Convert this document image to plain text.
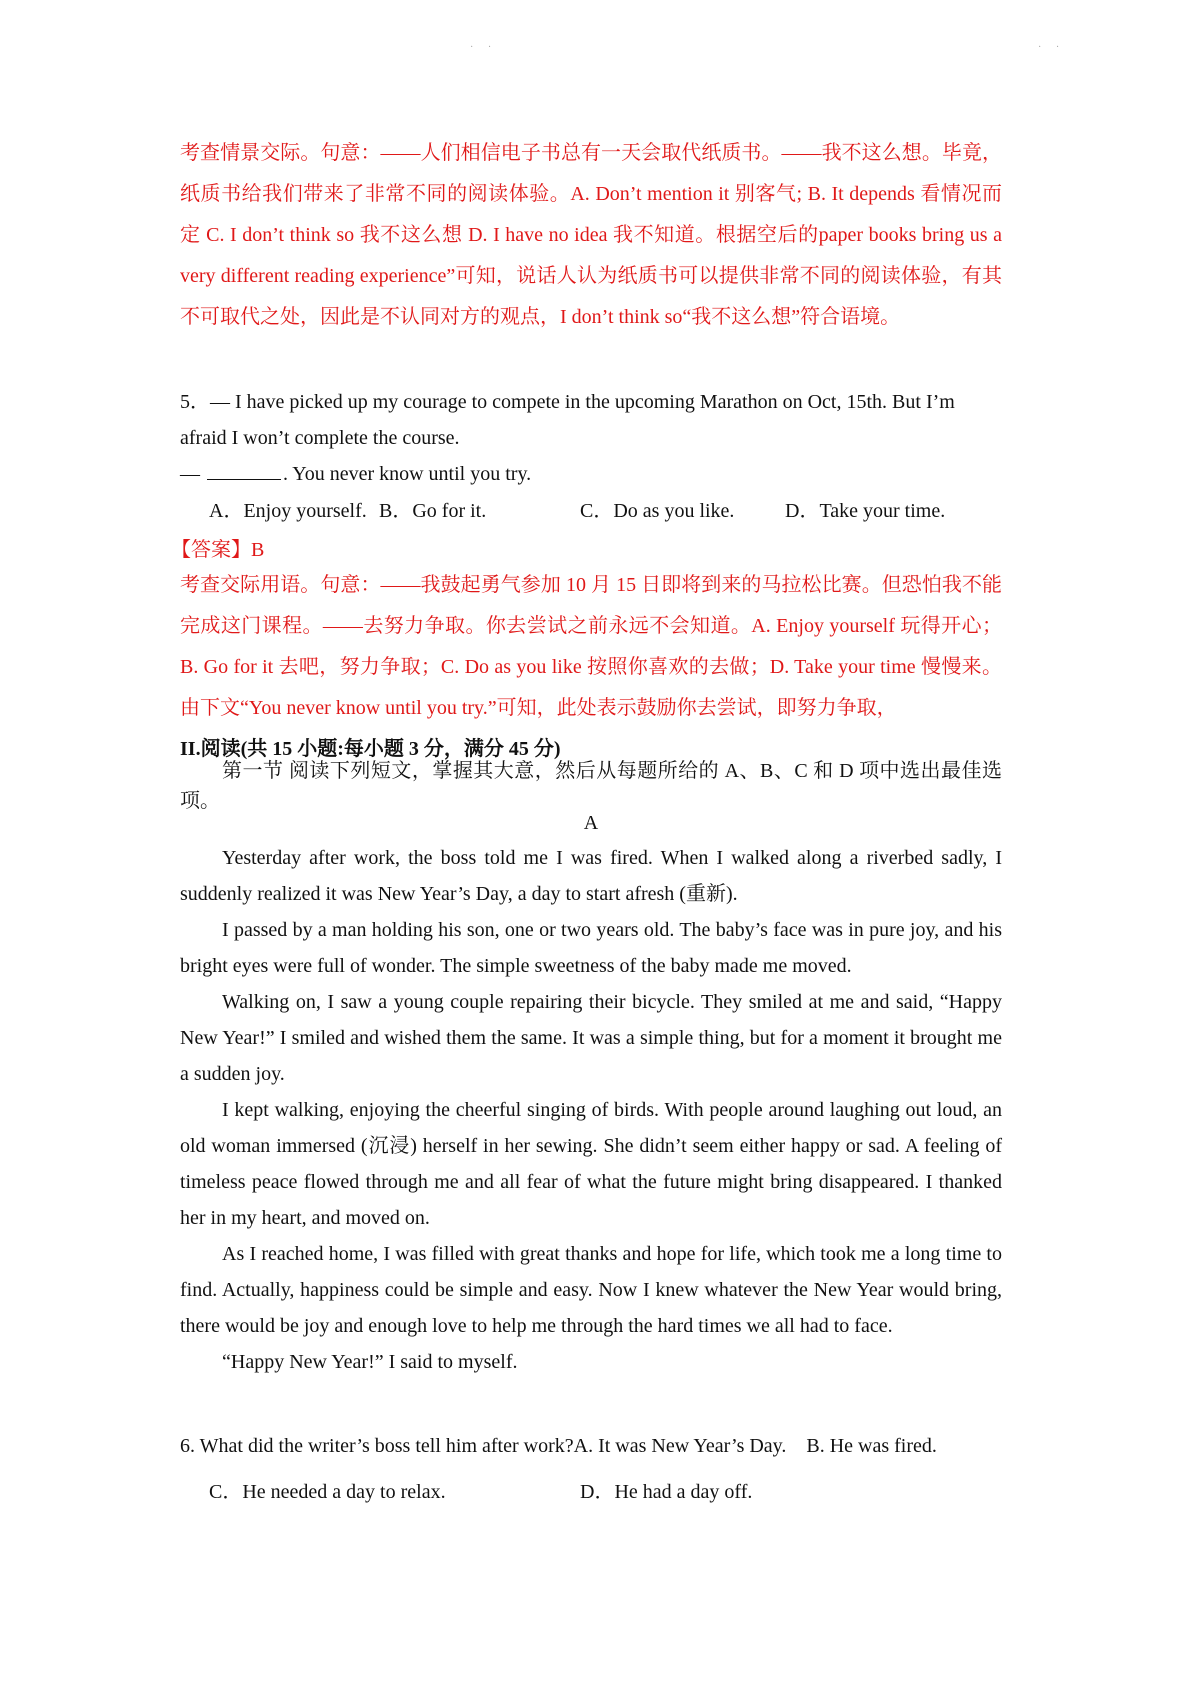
· ·	· ·

考查情景交际。句意：——人们相信电子书总有一天会取代纸质书。——我不这么想。毕竟，纸质书给我们带来了非常不同的阅读体验。A. Don’t mention it 别客气; B. It depends 看情况而定 C. I don’t think so 我不这么想 D. I have no idea 我不知道。根据空后的paper books bring us a very different reading experience”可知，说话人认为纸质书可以提供非常不同的阅读体验，有其不可取代之处，因此是不认同对方的观点，I don’t think so“我不这么想”符合语境。

5．— I have picked up my courage to compete in the upcoming Marathon on Oct, 15th. But I’m
afraid I won’t complete the course.
—	. You never know until you try.
A．Enjoy yourself. B．Go for it.	C．Do as you like.	D．Take your time.
【答案】B

考查交际用语。句意：——我鼓起勇气参加 10 月 15 日即将到来的马拉松比赛。但恐怕我不能完成这门课程。——去努力争取。你去尝试之前永远不会知道。A. Enjoy yourself 玩得开心；B. Go for it 去吧，努力争取；C. Do as you like 按照你喜欢的去做；D. Take your time 慢慢来。由下文“You never know until you try.”可知，此处表示鼓励你去尝试，即努力争取，

II.阅读(共 15 小题:每小题 3 分，满分 45 分)

第一节 阅读下列短文，掌握其大意，然后从每题所给的 A、B、C 和 D 项中选出最佳选项。

A

Yesterday after work, the boss told me I was fired. When I walked along a riverbed sadly, I suddenly realized it was New Year’s Day, a day to start afresh (重新).

I passed by a man holding his son, one or two years old. The baby’s face was in pure joy, and his bright eyes were full of wonder. The simple sweetness of the baby made me moved.

Walking on, I saw a young couple repairing their bicycle. They smiled at me and said, “Happy New Year!” I smiled and wished them the same. It was a simple thing, but for a moment it brought me a sudden joy.

I kept walking, enjoying the cheerful singing of birds. With people around laughing out loud, an old woman immersed (沉浸) herself in her sewing. She didn’t seem either happy or sad. A feeling of timeless peace flowed through me and all fear of what the future might bring disappeared. I thanked her in my heart, and moved on.

As I reached home, I was filled with great thanks and hope for life, which took me a long time to find. Actually, happiness could be simple and easy. Now I knew whatever the New Year would bring, there would be joy and enough love to help me through the hard times we all had to face.

“Happy New Year!” I said to myself.

6. What did the writer’s boss tell him after work?A. It was New Year’s Day. B. He was fired.
C．He needed a day to relax.	D．He had a day off.
